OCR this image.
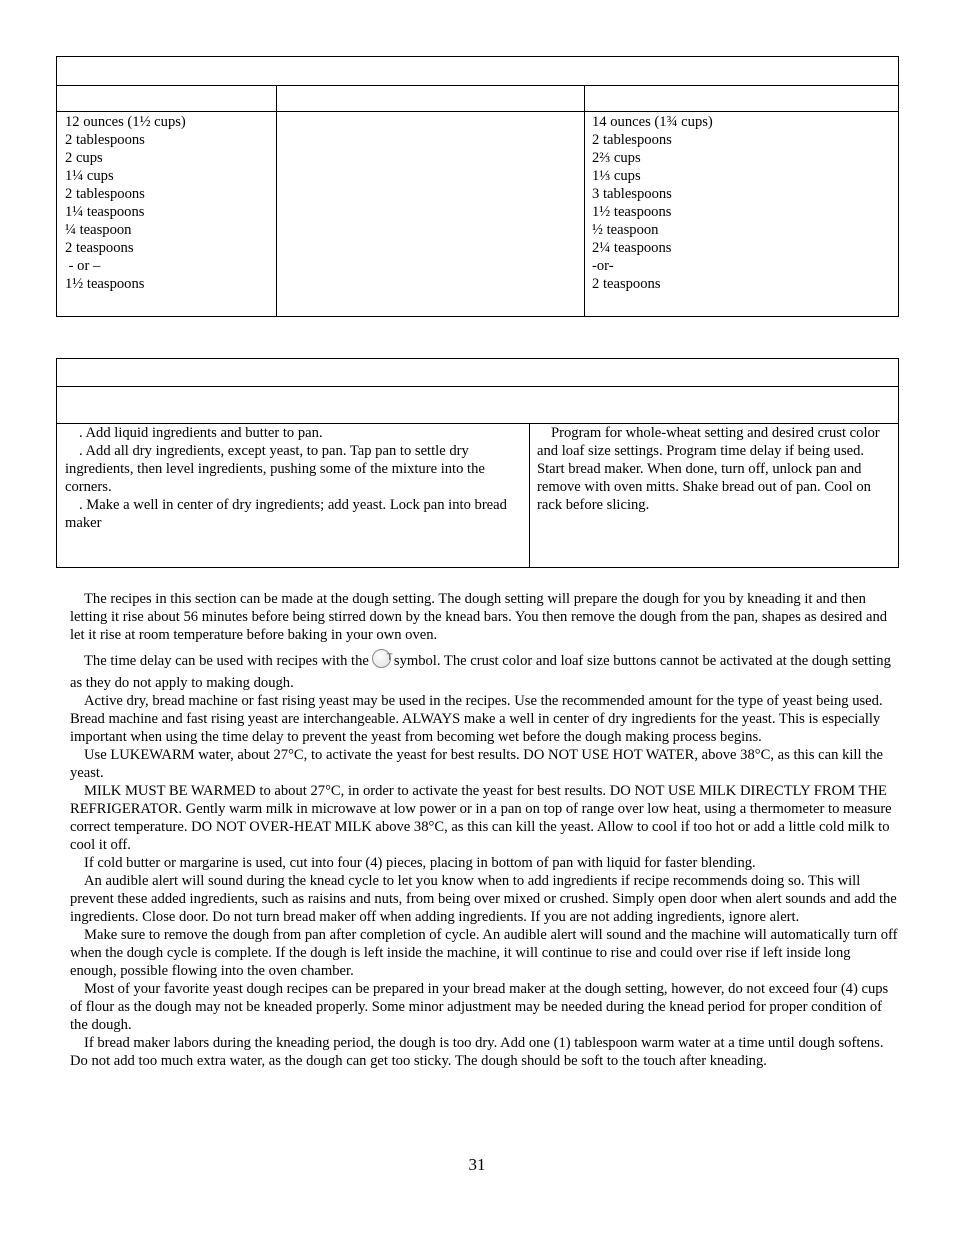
12 ounces (1½ cups)
2 tablespoons
2 cups
1¼ cups
2 tablespoons
1¼ teaspoons
¼ teaspoon
2 teaspoons
- or –
1½ teaspoons
14 ounces (1¾ cups)
2 tablespoons
2⅔ cups
1⅓ cups
3 tablespoons
1½ teaspoons
½ teaspoon
2¼ teaspoons
-or-
2 teaspoons

. Add liquid ingredients and butter to pan.

. Add all dry ingredients, except yeast, to pan. Tap pan to settle dry ingredients, then level ingredients, pushing some of the mixture into the corners.

. Make a well in center of dry ingredients; add yeast. Lock pan into bread maker

Program for whole-wheat setting and desired crust color and loaf size settings. Program time delay if being used. Start bread maker. When done, turn off, unlock pan and remove with oven mitts. Shake bread out of pan. Cool on rack before slicing.

The recipes in this section can be made at the dough setting. The dough setting will prepare the dough for you by kneading it and then letting it rise about 56 minutes before being stirred down by the knead bars. You then remove the dough from the pan, shapes as desired and let it rise at room temperature before baking in your own oven.

The time delay can be used with recipes with the T symbol. The crust color and loaf size buttons cannot be activated at the dough setting as they do not apply to making dough.

Active dry, bread machine or fast rising yeast may be used in the recipes. Use the recommended amount for the type of yeast being used. Bread machine and fast rising yeast are interchangeable. ALWAYS make a well in center of dry ingredients for the yeast. This is especially important when using the time delay to prevent the yeast from becoming wet before the dough making process begins.

Use LUKEWARM water, about 27°C, to activate the yeast for best results. DO NOT USE HOT WATER, above 38°C, as this can kill the yeast.

MILK MUST BE WARMED to about 27°C, in order to activate the yeast for best results. DO NOT USE MILK DIRECTLY FROM THE REFRIGERATOR. Gently warm milk in microwave at low power or in a pan on top of range over low heat, using a thermometer to measure correct temperature. DO NOT OVER-HEAT MILK above 38°C, as this can kill the yeast. Allow to cool if too hot or add a little cold milk to cool it off.

If cold butter or margarine is used, cut into four (4) pieces, placing in bottom of pan with liquid for faster blending.

An audible alert will sound during the knead cycle to let you know when to add ingredients if recipe recommends doing so. This will prevent these added ingredients, such as raisins and nuts, from being over mixed or crushed. Simply open door when alert sounds and add the ingredients. Close door. Do not turn bread maker off when adding ingredients. If you are not adding ingredients, ignore alert.

Make sure to remove the dough from pan after completion of cycle. An audible alert will sound and the machine will automatically turn off when the dough cycle is complete. If the dough is left inside the machine, it will continue to rise and could over rise if left inside long enough, possible flowing into the oven chamber.

Most of your favorite yeast dough recipes can be prepared in your bread maker at the dough setting, however, do not exceed four (4) cups of flour as the dough may not be kneaded properly. Some minor adjustment may be needed during the knead period for proper condition of the dough.

If bread maker labors during the kneading period, the dough is too dry. Add one (1) tablespoon warm water at a time until dough softens. Do not add too much extra water, as the dough can get too sticky. The dough should be soft to the touch after kneading.

31
